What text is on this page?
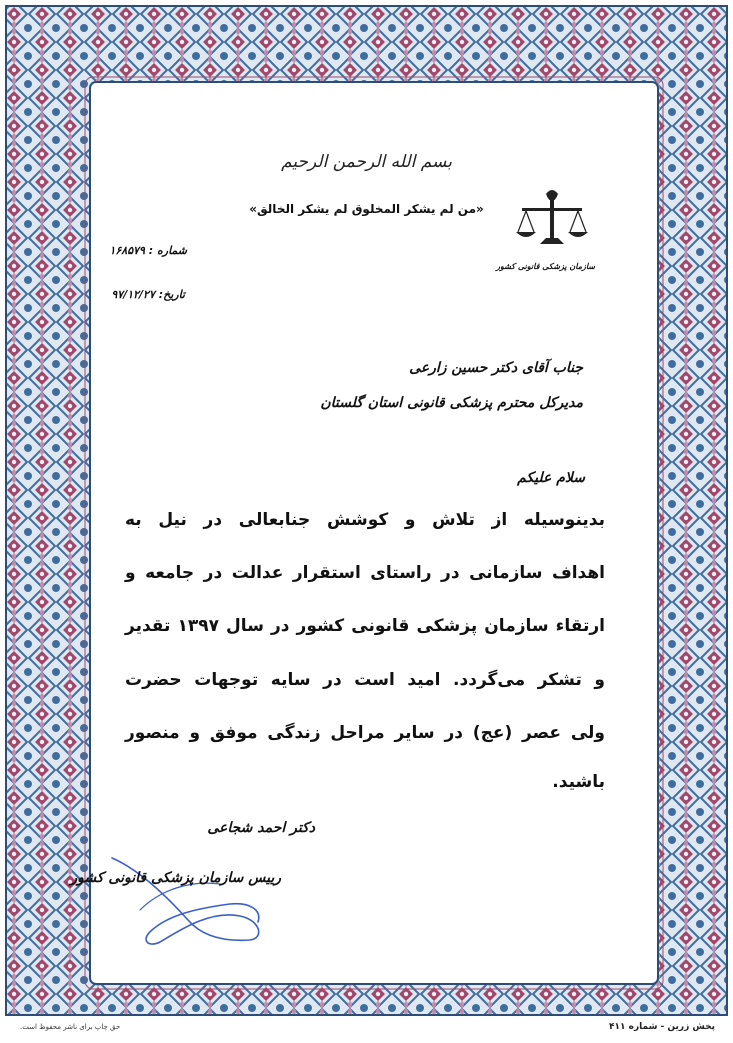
بسم الله الرحمن الرحیم

«من لم یشکر المخلوق لم یشکر الخالق»

شماره : ۱۶۸۵۷۹

تاریخ: ۹۷/۱۲/۲۷

سازمان پزشکی قانونی کشور

جناب آقای دکتر حسین زارعی

مدیرکل محترم پزشکی قانونی استان گلستان

سلام علیکم

بدینوسیله از تلاش و کوشش جنابعالی در نیل به

اهداف سازمانی در راستای استقرار عدالت در جامعه و

ارتقاء سازمان پزشکی قانونی کشور در سال ۱۳۹۷ تقدیر

و تشکر می‌گردد. امید است در سایه توجهات حضرت

ولی عصر (عج) در سایر مراحل زندگی موفق و منصور

باشید.

دکتر احمد شجاعی

رییس سازمان پزشکی قانونی کشور

حق چاپ برای ناشر محفوظ است.	پخش زرین - شماره ۴۱۱
